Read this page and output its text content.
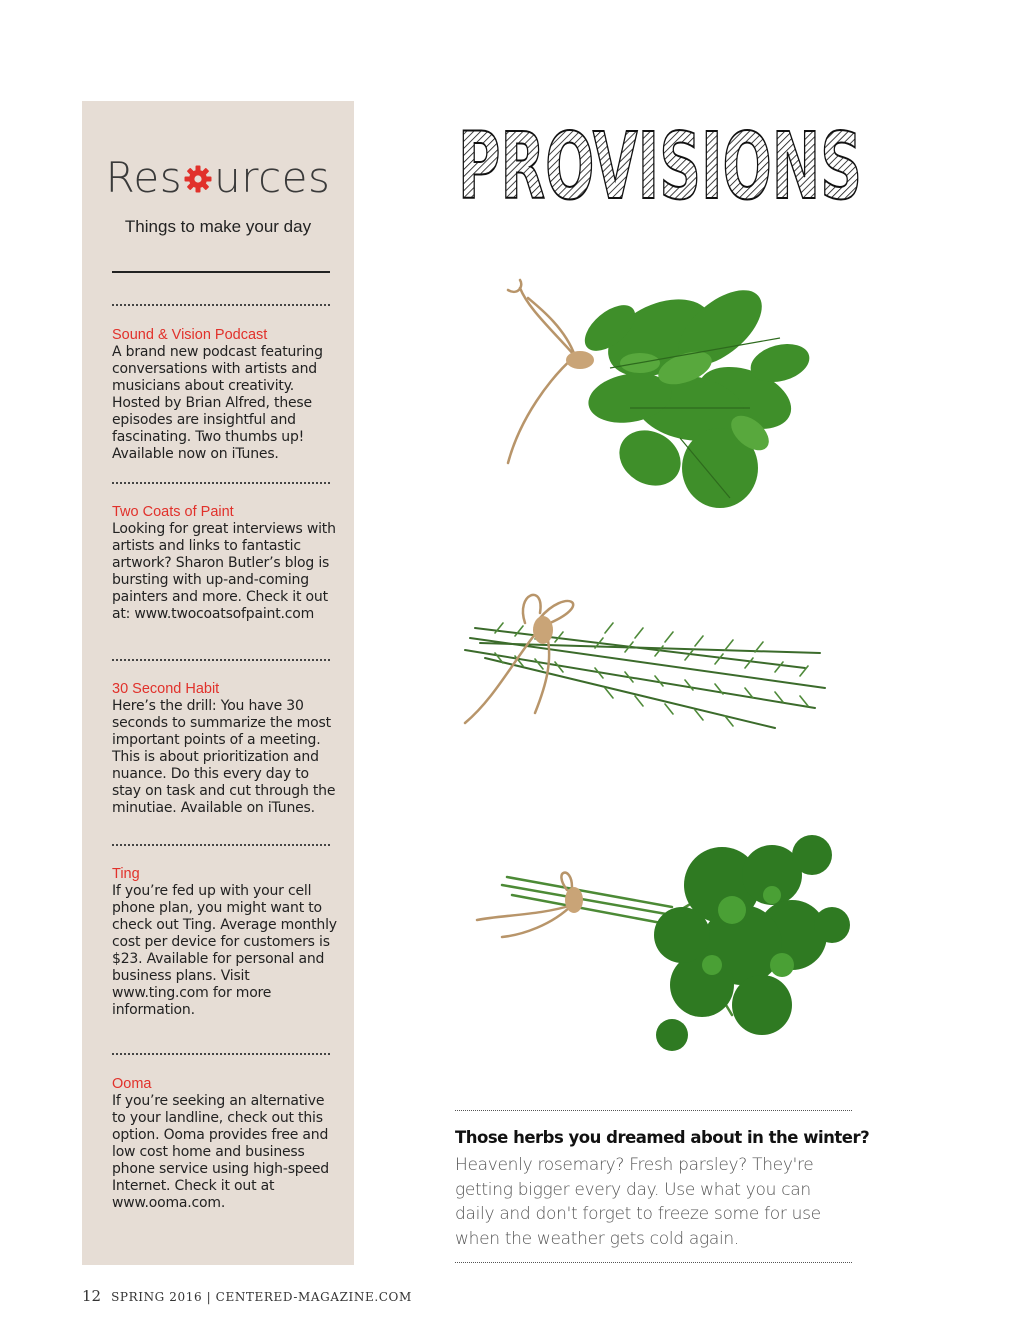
Res urces
Things to make your day
Sound & Vision Podcast
A brand new podcast featuring conversations with artists and musicians about creativity. Hosted by Brian Alfred, these episodes are insightful and fascinating. Two thumbs up! Available now on iTunes.
Two Coats of Paint
Looking for great interviews with artists and links to fantastic artwork? Sharon Butler’s blog is bursting with up-and-coming painters and more. Check it out at: www.twocoatsofpaint.com
30 Second Habit
Here’s the drill: You have 30 seconds to summarize the most important points of a meeting. This is about prioritization and nuance. Do this every day to stay on task and cut through the minutiae. Available on iTunes.
Ting
If you’re fed up with your cell phone plan, you might want to check out Ting. Average monthly cost per device for customers is $23. Available for personal and business plans. Visit www.ting.com for more information.
Ooma
If you’re seeking an alternative to your landline, check out this option. Ooma provides free and low cost home and business phone service using high-speed Internet. Check it out at www.ooma.com.
PROVISIONS
Those herbs you dreamed about in the winter?
Heavenly rosemary? Fresh parsley? They're getting bigger every day. Use what you can daily and don't forget to freeze some for use when the weather gets cold again.
12 SPRING 2016 | CENTERED-MAGAZINE.COM
